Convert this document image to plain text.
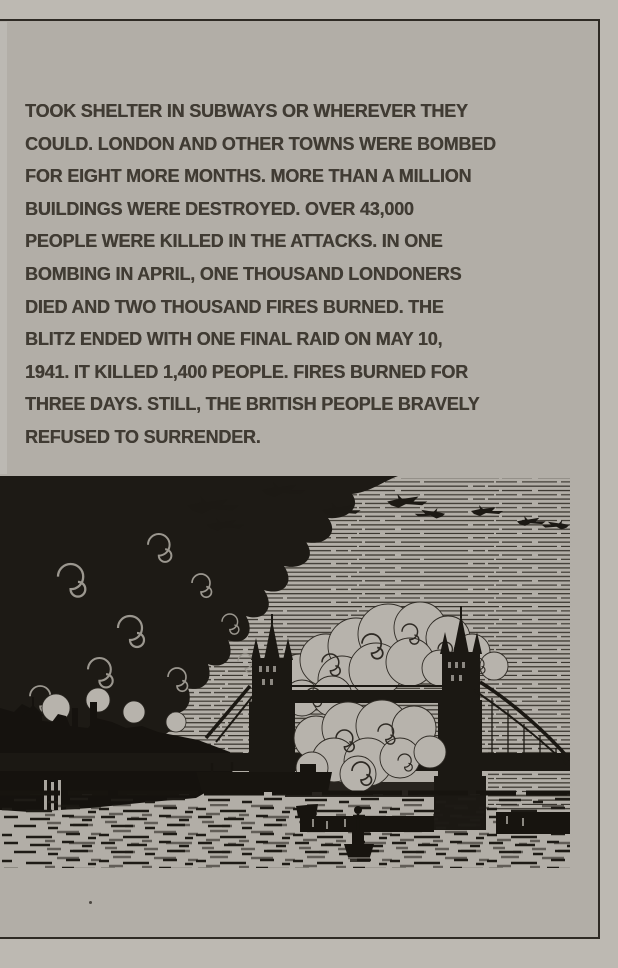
TOOK SHELTER IN SUBWAYS OR WHEREVER THEY
COULD. LONDON AND OTHER TOWNS WERE BOMBED
FOR EIGHT MORE MONTHS. MORE THAN A MILLION
BUILDINGS WERE DESTROYED. OVER 43,000
PEOPLE WERE KILLED IN THE ATTACKS. IN ONE
BOMBING IN APRIL, ONE THOUSAND LONDONERS
DIED AND TWO THOUSAND FIRES BURNED. THE
BLITZ ENDED WITH ONE FINAL RAID ON MAY 10,
1941. IT KILLED 1,400 PEOPLE. FIRES BURNED FOR
THREE DAYS. STILL, THE BRITISH PEOPLE BRAVELY
REFUSED TO SURRENDER.
